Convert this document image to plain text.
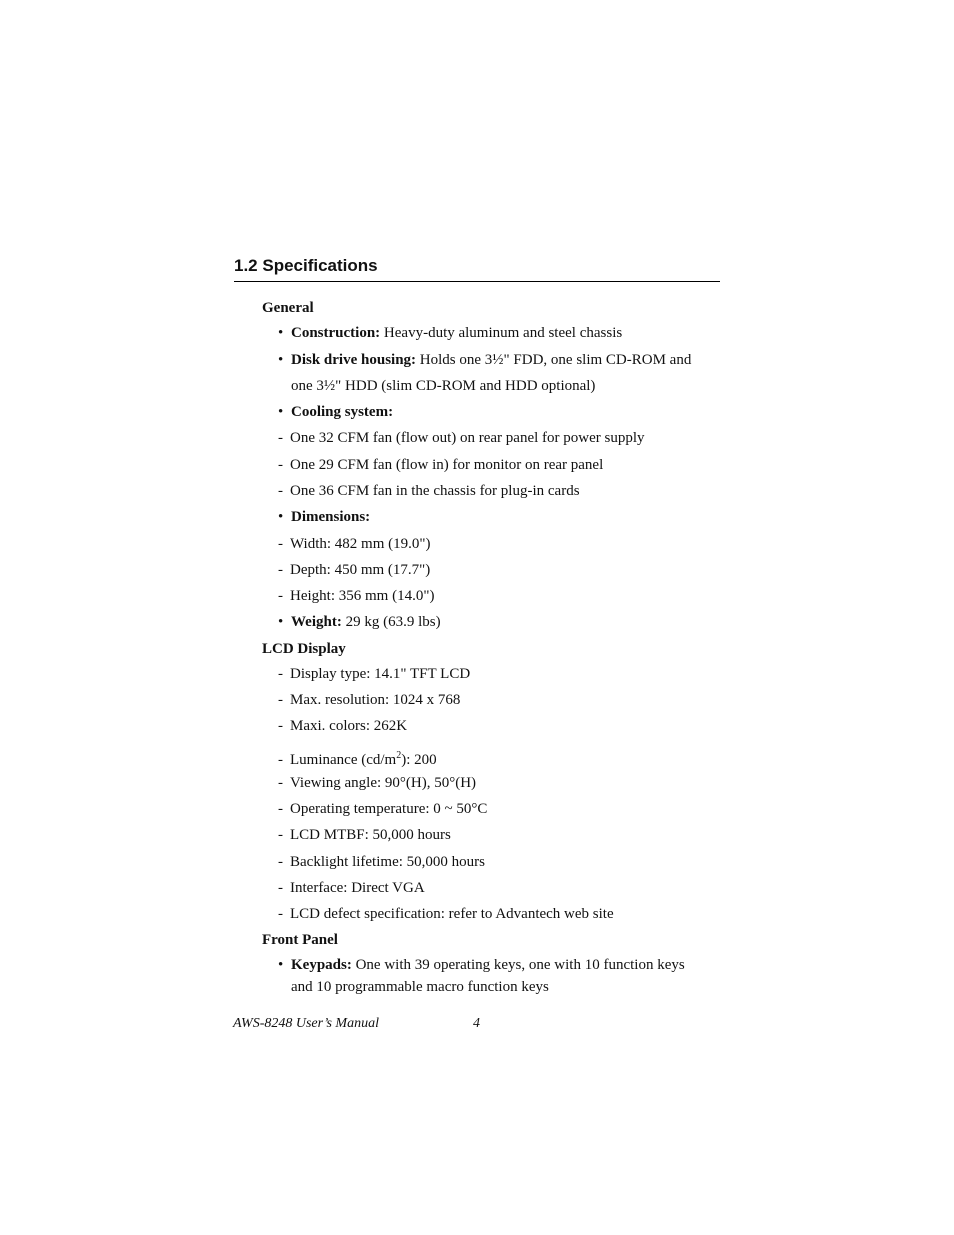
1.2 Specifications
General
• Construction: Heavy-duty aluminum and steel chassis
• Disk drive housing: Holds one 3½" FDD, one slim CD-ROM and
one 3½" HDD (slim CD-ROM and HDD optional)
• Cooling system:
- One 32 CFM fan (flow out) on rear panel for power supply
- One 29 CFM fan (flow in) for monitor on rear panel
- One 36 CFM fan in the chassis for plug-in cards
• Dimensions:
- Width: 482 mm (19.0")
- Depth: 450 mm (17.7")
- Height: 356 mm (14.0")
• Weight: 29 kg (63.9 lbs)
LCD Display
- Display type: 14.1" TFT LCD
- Max. resolution: 1024 x 768
- Maxi. colors: 262K
- Luminance $(cd/m^2)$: 200
- Viewing angle: 90°(H), 50°(H)
- Operating temperature: 0 ~ 50°C
- LCD MTBF: 50,000 hours
- Backlight lifetime: 50,000 hours
- Interface: Direct VGA
- LCD defect specification: refer to Advantech web site
Front Panel
• Keypads: One with 39 operating keys, one with 10 function keys
and 10 programmable macro function keys
AWS-8248 User’s Manual	4
